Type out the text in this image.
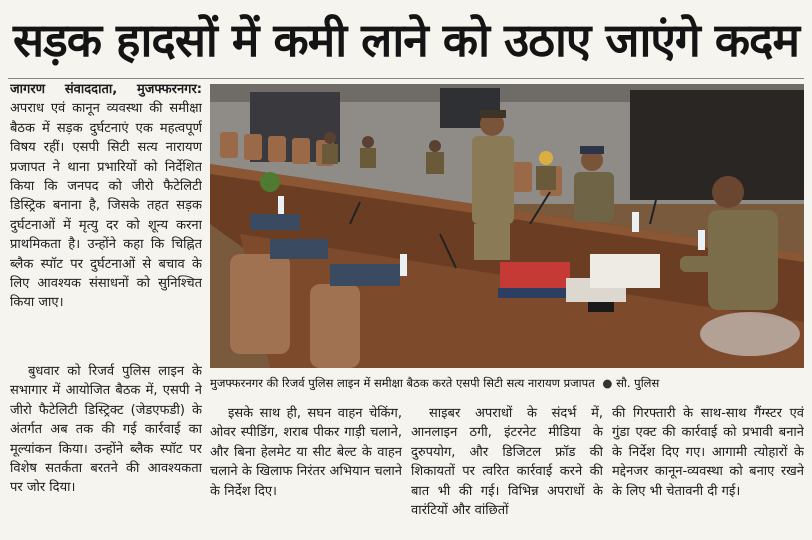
सड़क हादसों में कमी लाने को उठाए जाएंगे कदम

जागरण संवाददाता, मुजफ्फरनगर: अपराध एवं कानून व्यवस्था की समीक्षा बैठक में सड़क दुर्घटनाएं एक महत्वपूर्ण विषय रहीं। एसपी सिटी सत्य नारायण प्रजापत ने थाना प्रभारियों को निर्देशित किया कि जनपद को जीरो फैटेलिटी डिस्ट्रिक बनाना है, जिसके तहत सड़क दुर्घटनाओं में मृत्यु दर को शून्य करना प्राथमिकता है। उन्होंने कहा कि चिह्नित ब्लैक स्पॉट पर दुर्घटनाओं से बचाव के लिए आवश्यक संसाधनों को सुनिश्चित किया जाए।

बुधवार को रिजर्व पुलिस लाइन के सभागार में आयोजित बैठक में, एसपी ने जीरो फैटेलिटी डिस्ट्रिक्ट (जेडएफडी) के अंतर्गत अब तक की गई कार्रवाई का मूल्यांकन किया। उन्होंने ब्लैक स्पॉट पर विशेष सतर्कता बरतने की आवश्यकता पर जोर दिया।

मुजफ्फरनगर की रिजर्व पुलिस लाइन में समीक्षा बैठक करते एसपी सिटी सत्य नारायण प्रजापत ● सौ. पुलिस

इसके साथ ही, सघन वाहन चेकिंग, ओवर स्पीडिंग, शराब पीकर गाड़ी चलाने, और बिना हेलमेट या सीट बेल्ट के वाहन चलाने के खिलाफ निरंतर अभियान चलाने के निर्देश दिए।

साइबर अपराधों के संदर्भ में, आनलाइन ठगी, इंटरनेट मीडिया के दुरुपयोग, और डिजिटल फ्रॉड की शिकायतों पर त्वरित कार्रवाई करने की बात भी की गई। विभिन्न अपराधों के वारंटियों और वांछितों

की गिरफ्तारी के साथ-साथ गैंग्स्टर एवं गुंडा एक्ट की कार्रवाई को प्रभावी बनाने के निर्देश दिए गए। आगामी त्योहारों के मद्देनजर कानून-व्यवस्था को बनाए रखने के लिए भी चेतावनी दी गई।
